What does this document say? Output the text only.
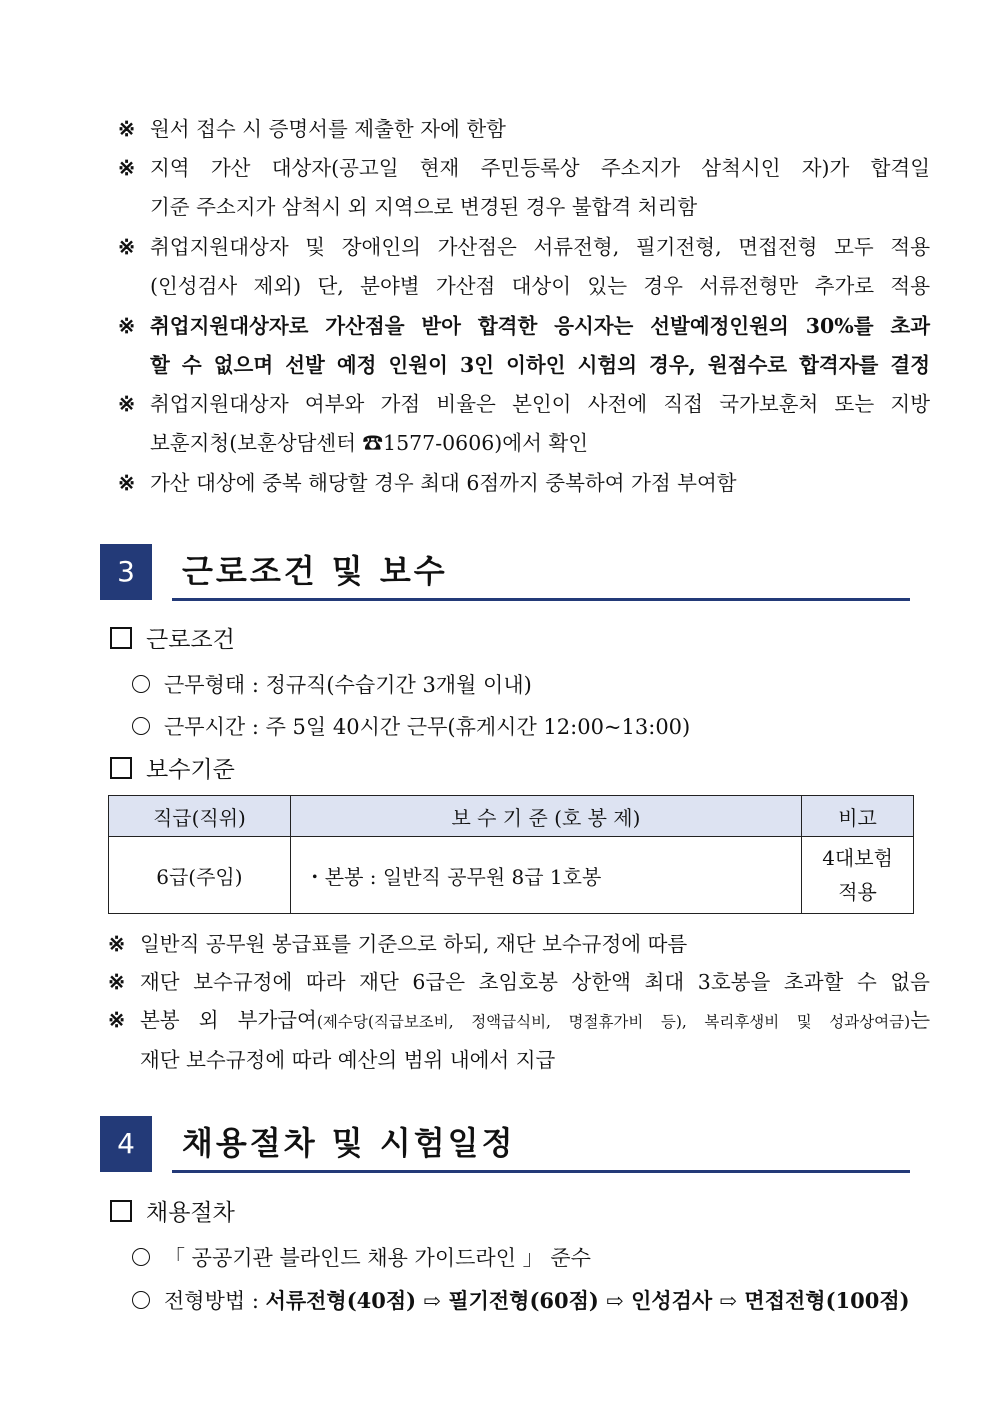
※ 원서 접수 시 증명서를 제출한 자에 한함
※ 지역 가산 대상자(공고일 현재 주민등록상 주소지가 삼척시인 자)가 합격일
기준 주소지가 삼척시 외 지역으로 변경된 경우 불합격 처리함
※ 취업지원대상자 및 장애인의 가산점은 서류전형, 필기전형, 면접전형 모두 적용
(인성검사 제외) 단, 분야별 가산점 대상이 있는 경우 서류전형만 추가로 적용
※ 취업지원대상자로 가산점을 받아 합격한 응시자는 선발예정인원의 30%를 초과
할 수 없으며 선발 예정 인원이 3인 이하인 시험의 경우, 원점수로 합격자를 결정
※ 취업지원대상자 여부와 가점 비율은 본인이 사전에 직접 국가보훈처 또는 지방
보훈지청(보훈상담센터 ☎1577-0606)에서 확인
※ 가산 대상에 중복 해당할 경우 최대 6점까지 중복하여 가점 부여함
3	근로조건 및 보수
근로조건
근무형태 : 정규직(수습기간 3개월 이내)
근무시간 : 주 5일 40시간 근무(휴게시간 12:00~13:00)
보수기준
직급(직위)	보 수 기 준 (호 봉 제)	비고
6급(주임)	・본봉 : 일반직 공무원 8급 1호봉	4대보험
적용
※ 일반직 공무원 봉급표를 기준으로 하되, 재단 보수규정에 따름
※ 재단 보수규정에 따라 재단 6급은 초임호봉 상한액 최대 3호봉을 초과할 수 없음
※ 본봉 외 부가급여(제수당(직급보조비, 정액급식비, 명절휴가비 등), 복리후생비 및 성과상여금)는
재단 보수규정에 따라 예산의 범위 내에서 지급
4	채용절차 및 시험일정
채용절차
「 공공기관 블라인드 채용 가이드라인 」 준수
전형방법 : 서류전형(40점) ⇨ 필기전형(60점) ⇨ 인성검사 ⇨ 면접전형(100점)
